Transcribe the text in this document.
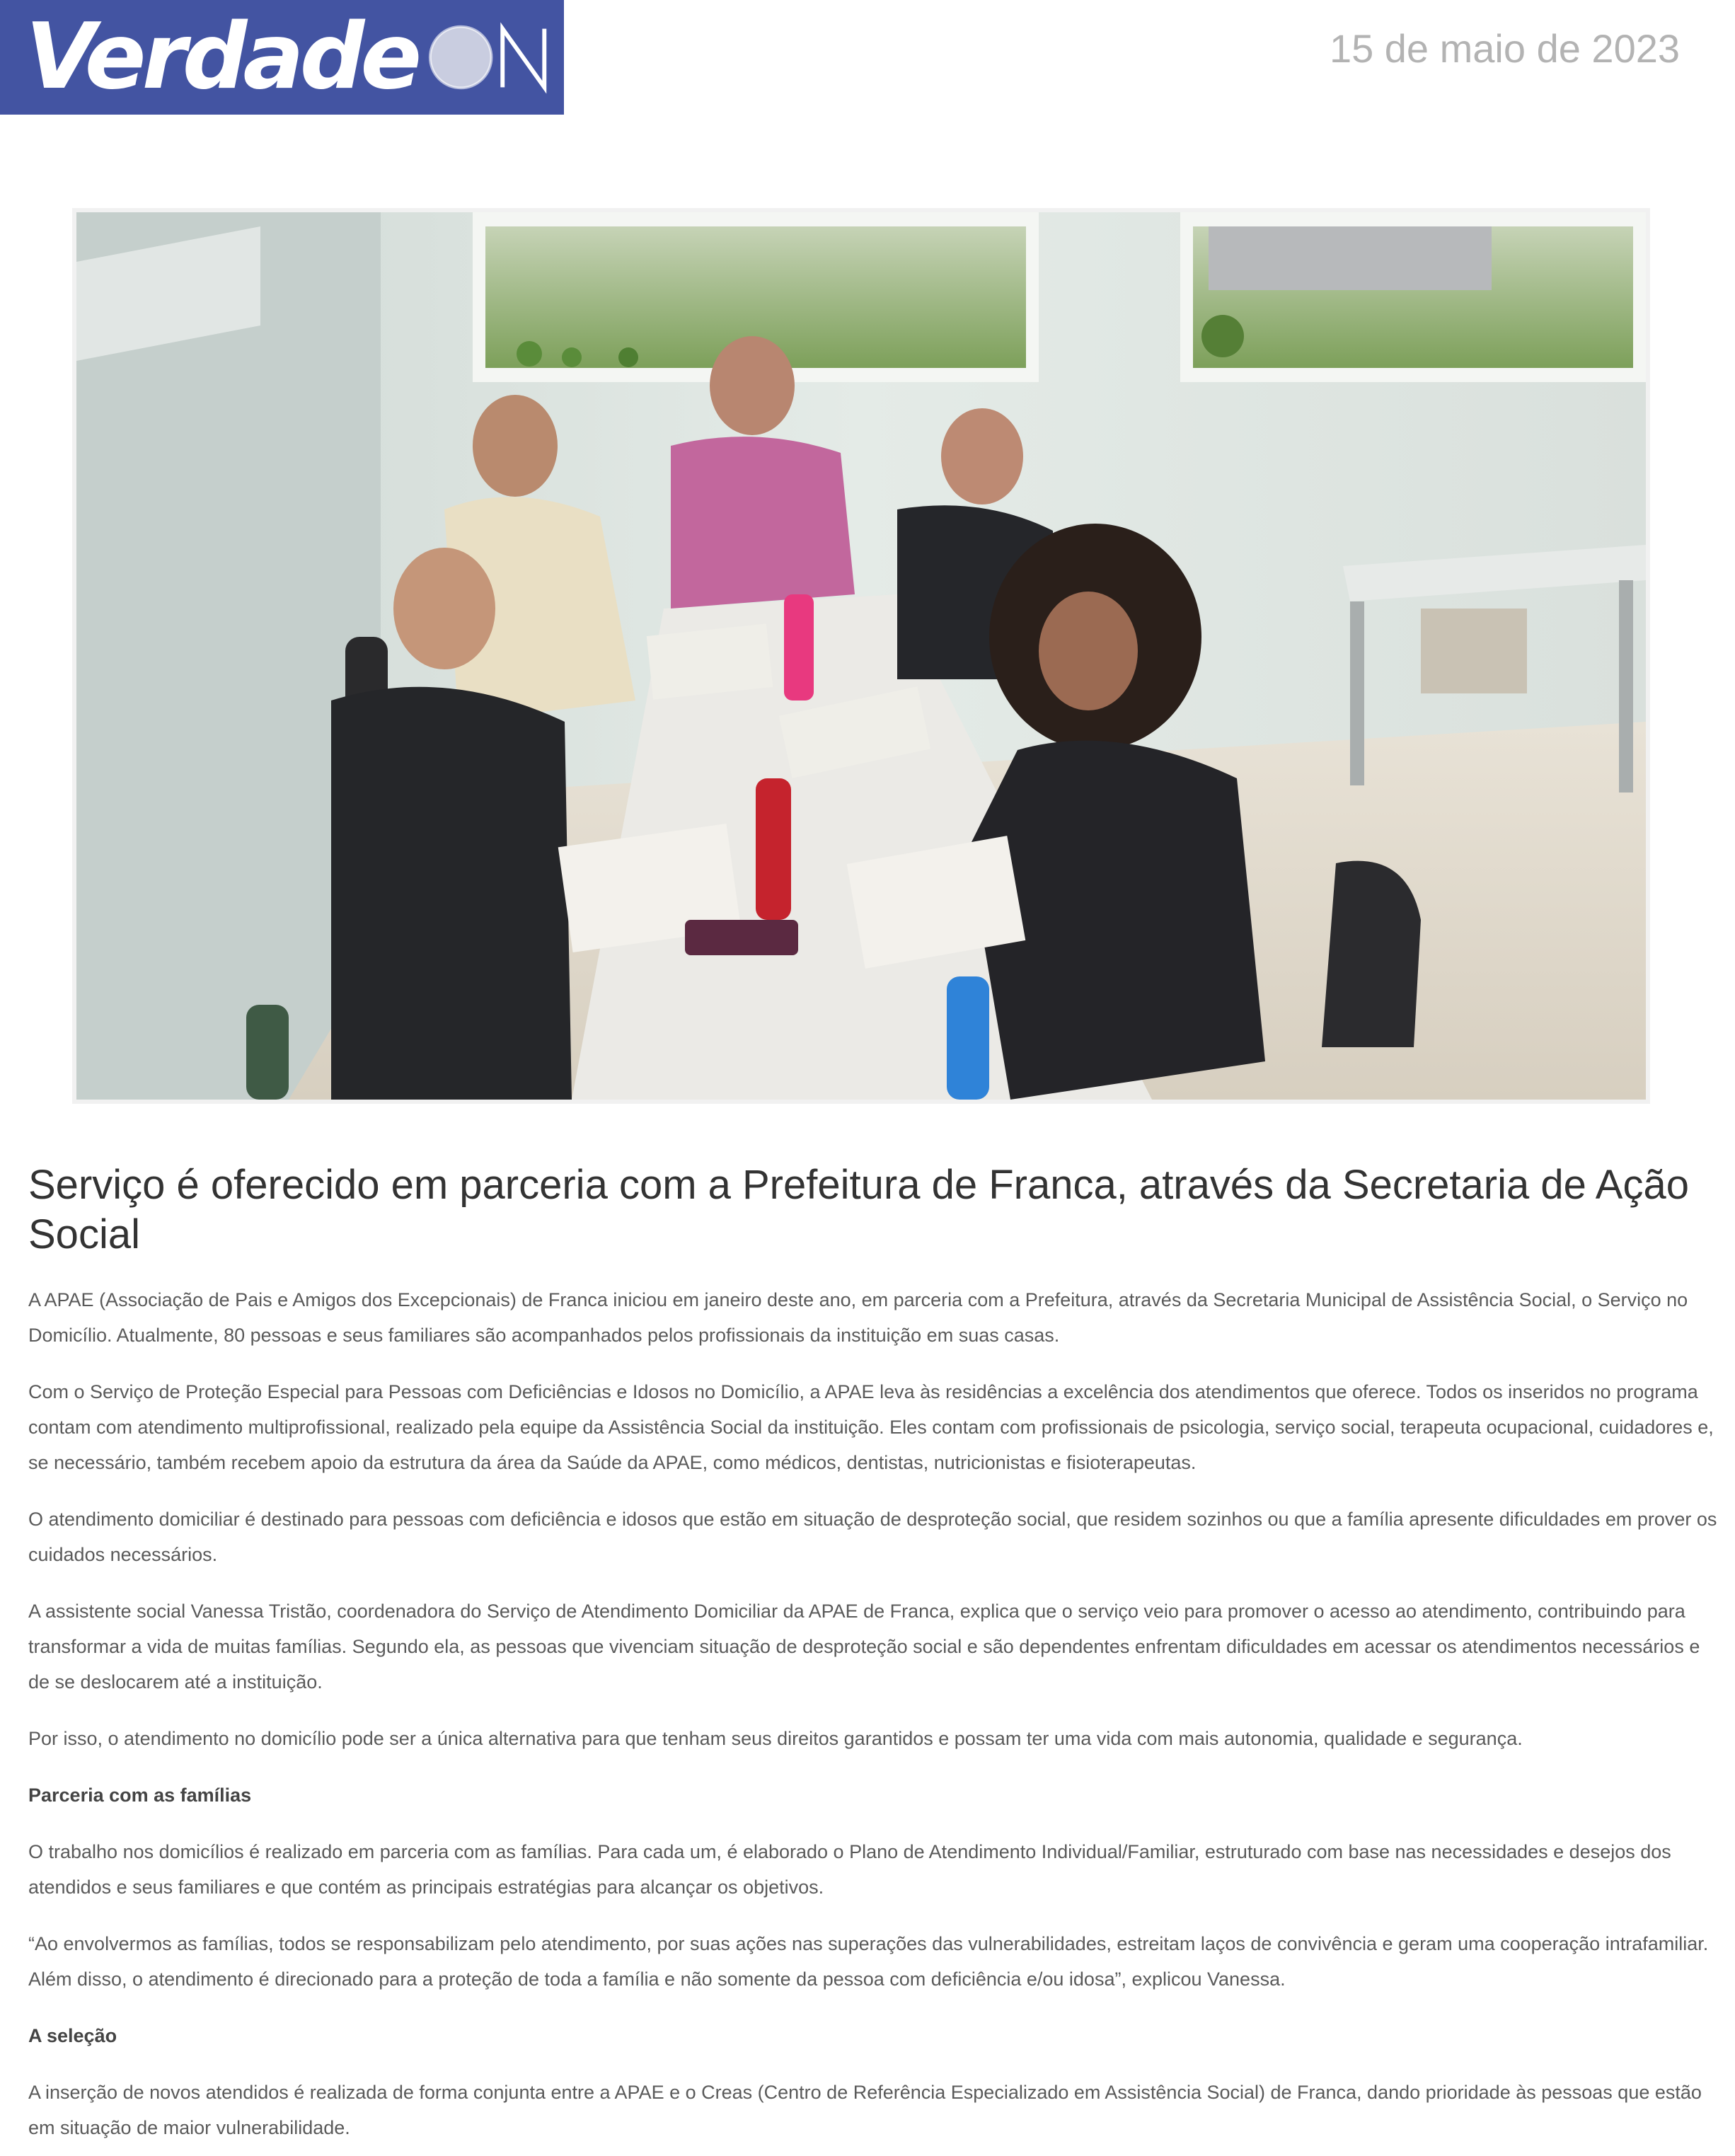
Verdade	15 de maio de 2023
Serviço é oferecido em parceria com a Prefeitura de Franca, através da Secretaria de Ação Social

A APAE (Associação de Pais e Amigos dos Excepcionais) de Franca iniciou em janeiro deste ano, em parceria com a Prefeitura, através da Secretaria Municipal de Assistência Social, o Serviço no Domicílio. Atualmente, 80 pessoas e seus familiares são acompanhados pelos profissionais da instituição em suas casas.

Com o Serviço de Proteção Especial para Pessoas com Deficiências e Idosos no Domicílio, a APAE leva às residências a excelência dos atendimentos que oferece. Todos os inseridos no programa contam com atendimento multiprofissional, realizado pela equipe da Assistência Social da instituição. Eles contam com profissionais de psicologia, serviço social, terapeuta ocupacional, cuidadores e, se necessário, também recebem apoio da estrutura da área da Saúde da APAE, como médicos, dentistas, nutricionistas e fisioterapeutas.

O atendimento domiciliar é destinado para pessoas com deficiência e idosos que estão em situação de desproteção social, que residem sozinhos ou que a família apresente dificuldades em prover os cuidados necessários.

A assistente social Vanessa Tristão, coordenadora do Serviço de Atendimento Domiciliar da APAE de Franca, explica que o serviço veio para promover o acesso ao atendimento, contribuindo para transformar a vida de muitas famílias. Segundo ela, as pessoas que vivenciam situação de desproteção social e são dependentes enfrentam dificuldades em acessar os atendimentos necessários e de se deslocarem até a instituição.

Por isso, o atendimento no domicílio pode ser a única alternativa para que tenham seus direitos garantidos e possam ter uma vida com mais autonomia, qualidade e segurança.

Parceria com as famílias

O trabalho nos domicílios é realizado em parceria com as famílias. Para cada um, é elaborado o Plano de Atendimento Individual/Familiar, estruturado com base nas necessidades e desejos dos atendidos e seus familiares e que contém as principais estratégias para alcançar os objetivos.

“Ao envolvermos as famílias, todos se responsabilizam pelo atendimento, por suas ações nas superações das vulnerabilidades, estreitam laços de convivência e geram uma cooperação intrafamiliar. Além disso, o atendimento é direcionado para a proteção de toda a família e não somente da pessoa com deficiência e/ou idosa”, explicou Vanessa.

A seleção

A inserção de novos atendidos é realizada de forma conjunta entre a APAE e o Creas (Centro de Referência Especializado em Assistência Social) de Franca, dando prioridade às pessoas que estão em situação de maior vulnerabilidade.
